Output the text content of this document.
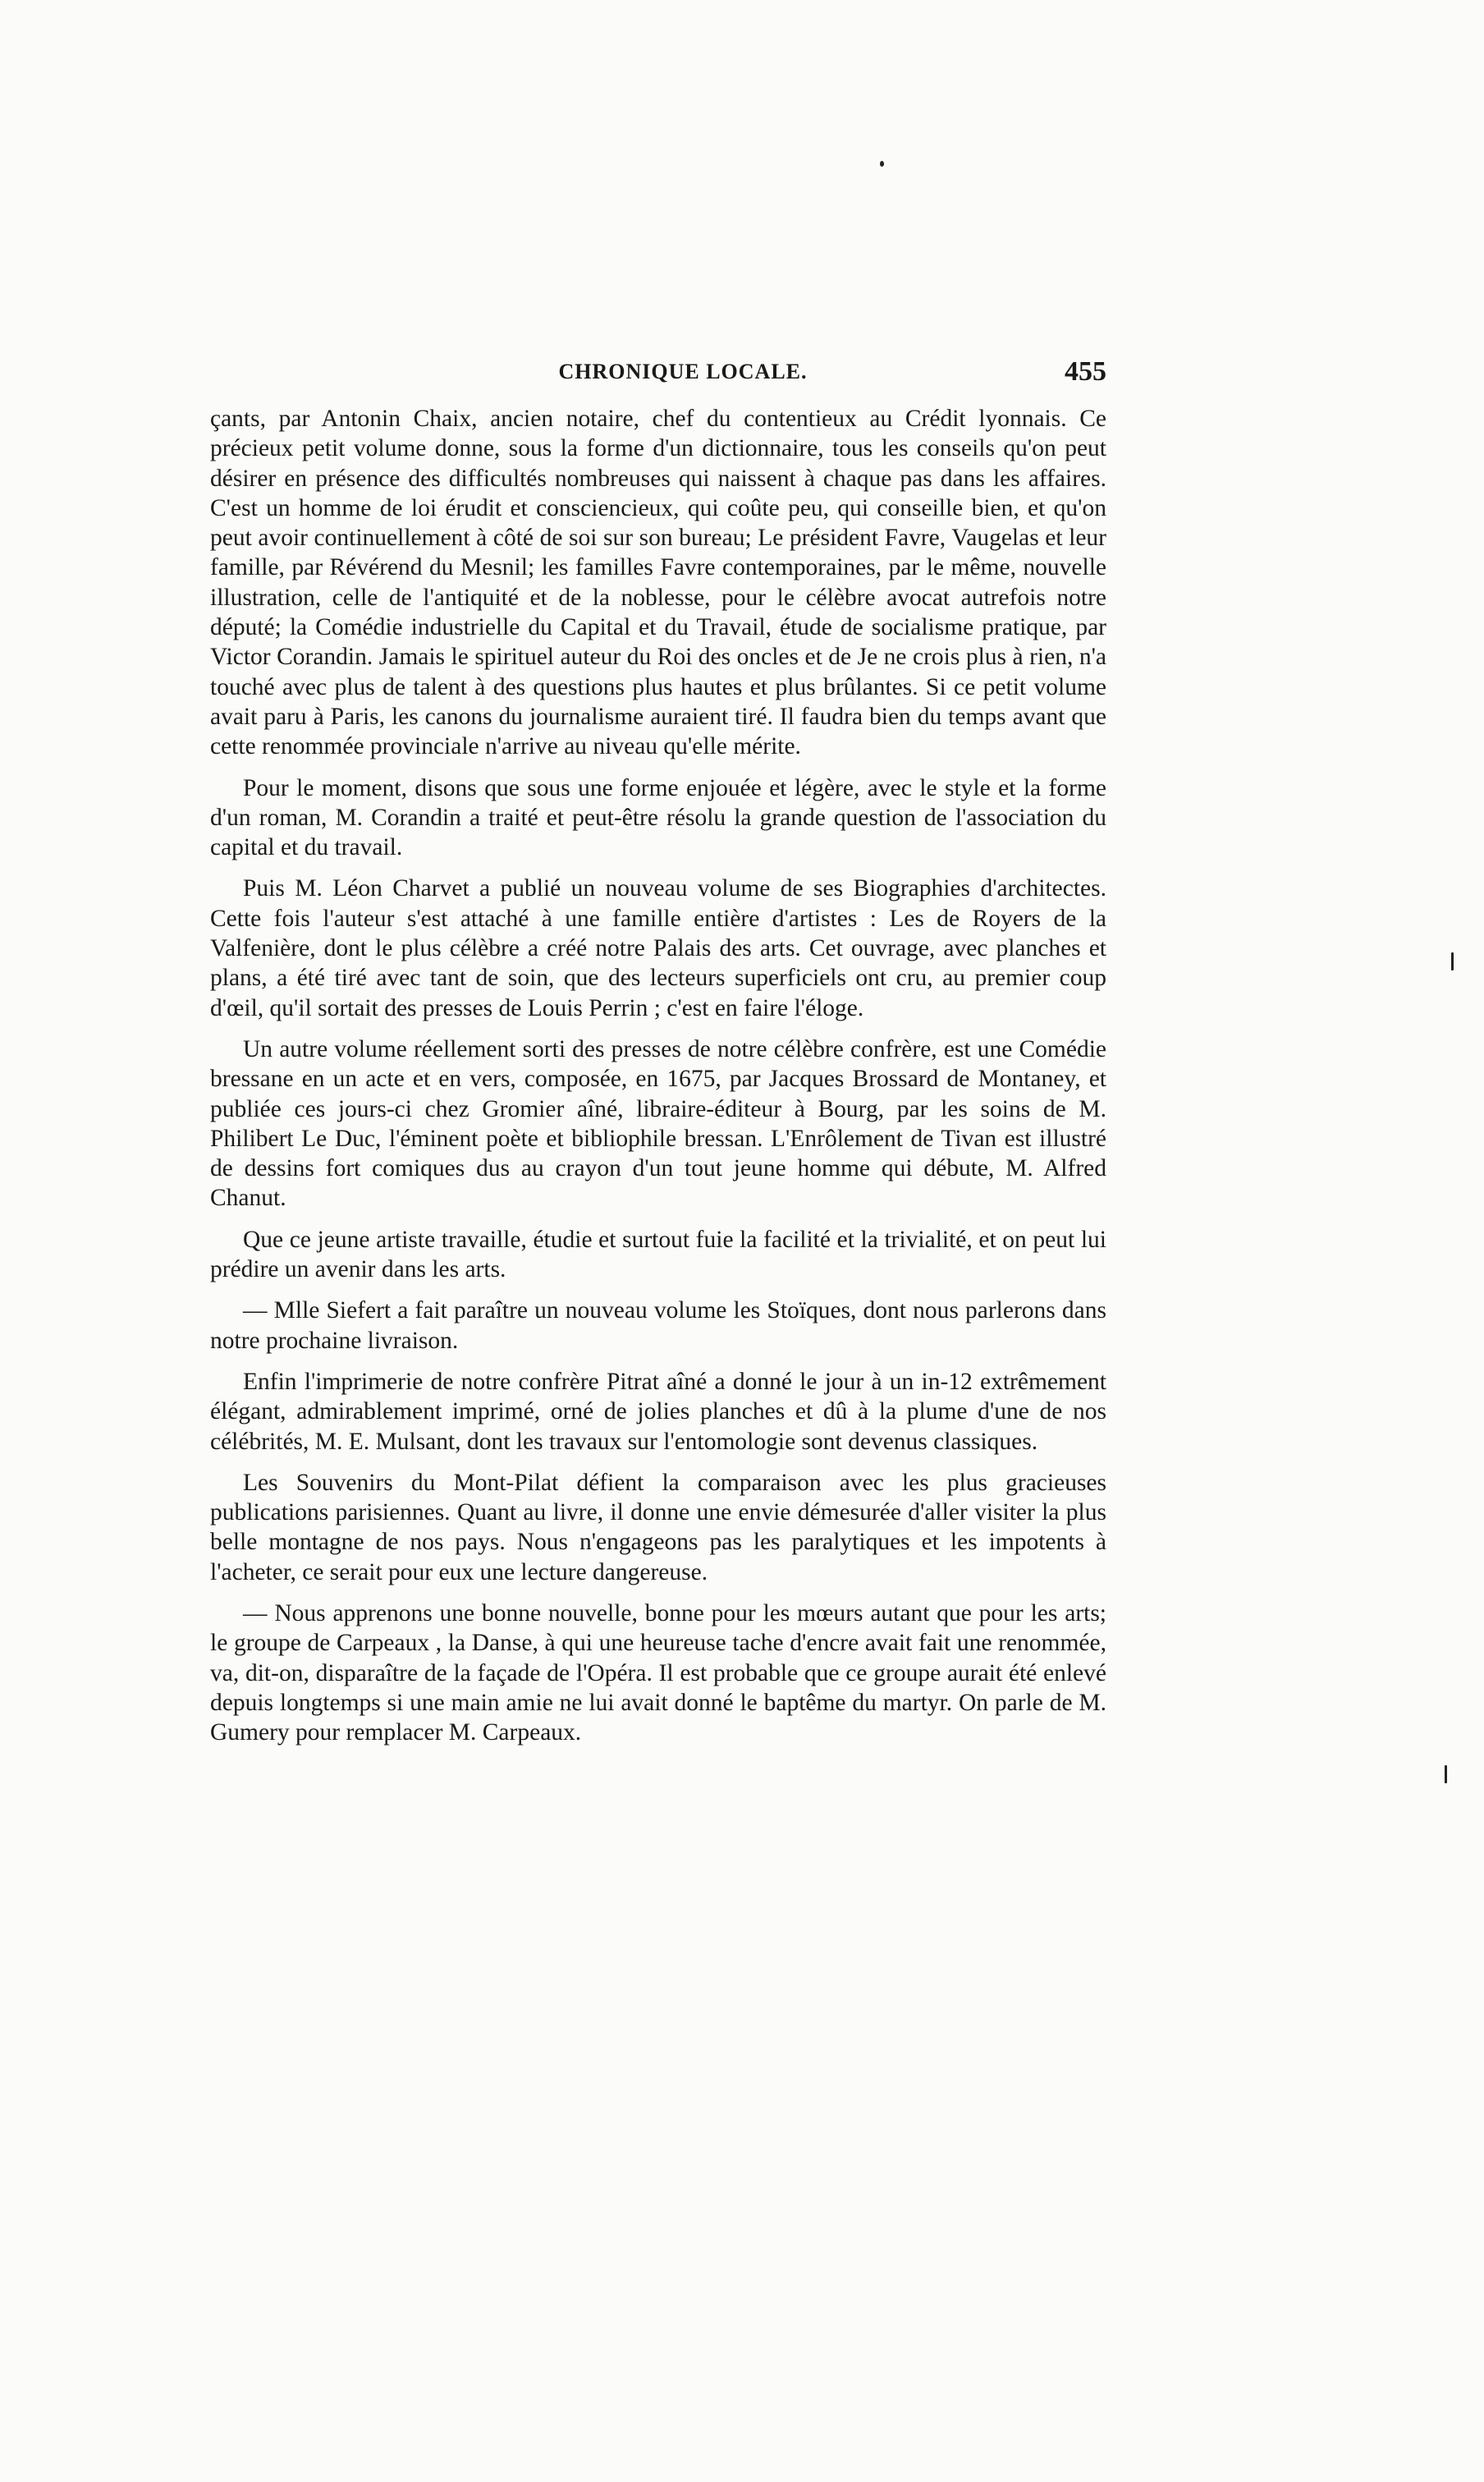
CHRONIQUE LOCALE.	455

çants, par Antonin Chaix, ancien notaire, chef du contentieux au Crédit lyonnais. Ce précieux petit volume donne, sous la forme d'un dictionnaire, tous les conseils qu'on peut désirer en présence des difficultés nombreuses qui naissent à chaque pas dans les affaires. C'est un homme de loi érudit et consciencieux, qui coûte peu, qui conseille bien, et qu'on peut avoir continuellement à côté de soi sur son bureau; Le président Favre, Vaugelas et leur famille, par Révérend du Mesnil; les familles Favre contemporaines, par le même, nouvelle illustration, celle de l'antiquité et de la noblesse, pour le célèbre avocat autrefois notre député; la Comédie industrielle du Capital et du Travail, étude de socialisme pratique, par Victor Corandin. Jamais le spirituel auteur du Roi des oncles et de Je ne crois plus à rien, n'a touché avec plus de talent à des questions plus hautes et plus brûlantes. Si ce petit volume avait paru à Paris, les canons du journalisme auraient tiré. Il faudra bien du temps avant que cette renommée provinciale n'arrive au niveau qu'elle mérite.

Pour le moment, disons que sous une forme enjouée et légère, avec le style et la forme d'un roman, M. Corandin a traité et peut-être résolu la grande question de l'association du capital et du travail.

Puis M. Léon Charvet a publié un nouveau volume de ses Biographies d'architectes. Cette fois l'auteur s'est attaché à une famille entière d'artistes : Les de Royers de la Valfenière, dont le plus célèbre a créé notre Palais des arts. Cet ouvrage, avec planches et plans, a été tiré avec tant de soin, que des lecteurs superficiels ont cru, au premier coup d'œil, qu'il sortait des presses de Louis Perrin ; c'est en faire l'éloge.

Un autre volume réellement sorti des presses de notre célèbre confrère, est une Comédie bressane en un acte et en vers, composée, en 1675, par Jacques Brossard de Montaney, et publiée ces jours-ci chez Gromier aîné, libraire-éditeur à Bourg, par les soins de M. Philibert Le Duc, l'éminent poète et bibliophile bressan. L'Enrôlement de Tivan est illustré de dessins fort comiques dus au crayon d'un tout jeune homme qui débute, M. Alfred Chanut.

Que ce jeune artiste travaille, étudie et surtout fuie la facilité et la trivialité, et on peut lui prédire un avenir dans les arts.

— Mlle Siefert a fait paraître un nouveau volume les Stoïques, dont nous parlerons dans notre prochaine livraison.

Enfin l'imprimerie de notre confrère Pitrat aîné a donné le jour à un in-12 extrêmement élégant, admirablement imprimé, orné de jolies planches et dû à la plume d'une de nos célébrités, M. E. Mulsant, dont les travaux sur l'entomologie sont devenus classiques.

Les Souvenirs du Mont-Pilat défient la comparaison avec les plus gracieuses publications parisiennes. Quant au livre, il donne une envie démesurée d'aller visiter la plus belle montagne de nos pays. Nous n'engageons pas les paralytiques et les impotents à l'acheter, ce serait pour eux une lecture dangereuse.

— Nous apprenons une bonne nouvelle, bonne pour les mœurs autant que pour les arts; le groupe de Carpeaux , la Danse, à qui une heureuse tache d'encre avait fait une renommée, va, dit-on, disparaître de la façade de l'Opéra. Il est probable que ce groupe aurait été enlevé depuis longtemps si une main amie ne lui avait donné le baptême du martyr. On parle de M. Gumery pour remplacer M. Carpeaux.
